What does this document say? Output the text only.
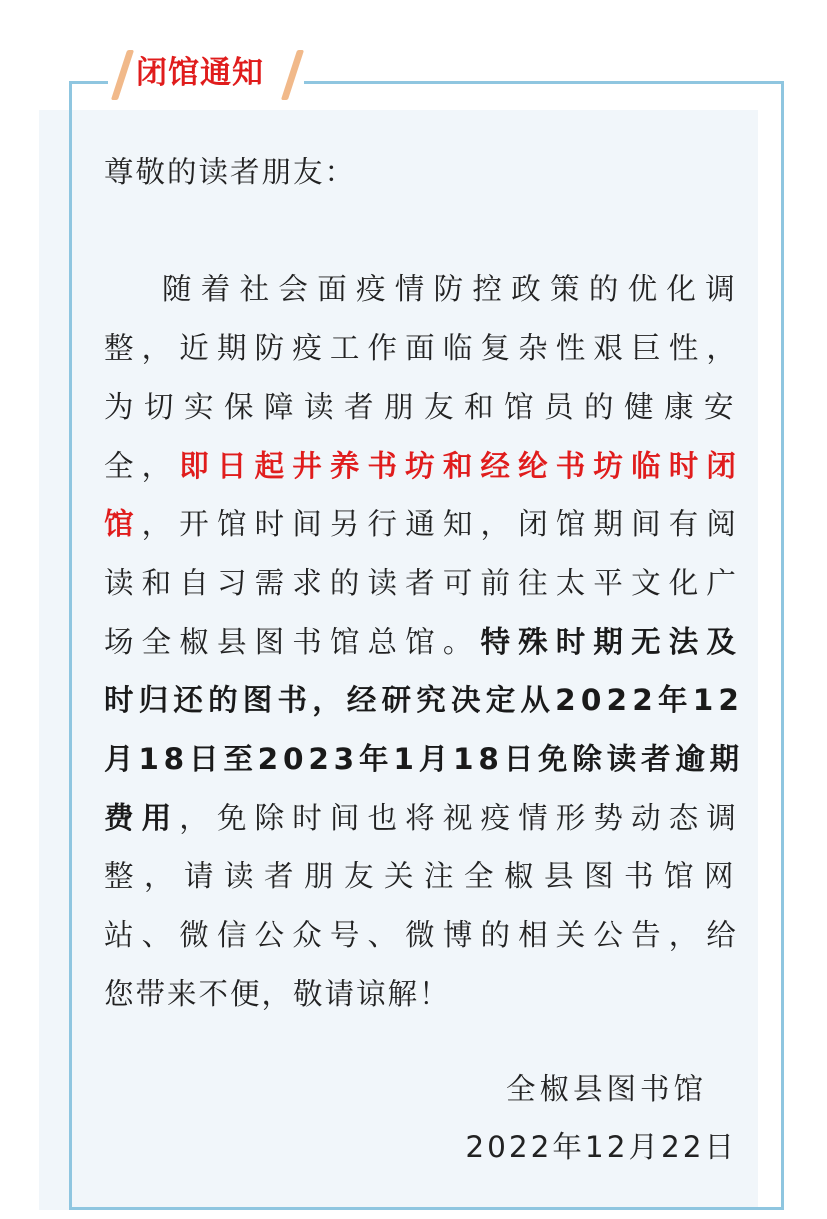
闭馆通知

尊敬的读者朋友：

随着社会面疫情防控政策的优化调

整，近期防疫工作面临复杂性艰巨性，

为切实保障读者朋友和馆员的健康安

全，即日起井养书坊和经纶书坊临时闭

馆，开馆时间另行通知，闭馆期间有阅

读和自习需求的读者可前往太平文化广

场全椒县图书馆总馆。特殊时期无法及

时归还的图书，经研究决定从2022年12

月18日至2023年1月18日免除读者逾期

费用，免除时间也将视疫情形势动态调

整，请读者朋友关注全椒县图书馆网

站、微信公众号、微博的相关公告，给

您带来不便，敬请谅解！

全椒县图书馆
2022年12月22日
